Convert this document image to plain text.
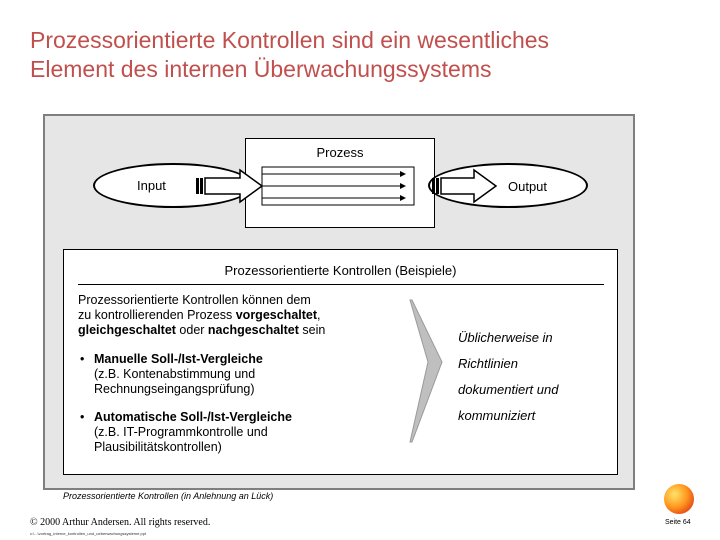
Prozessorientierte Kontrollen sind ein wesentliches
Element des internen Überwachungssystems
Prozess
Input	Output
Prozessorientierte Kontrollen (Beispiele)
Prozessorientierte Kontrollen können dem
zu kontrollierenden Prozess vorgeschaltet,
gleichgeschaltet oder nachgeschaltet sein
• Manuelle Soll-/Ist-Vergleiche
(z.B. Kontenabstimmung und
Rechnungseingangsprüfung)
• Automatische Soll-/Ist-Vergleiche
(z.B. IT-Programmkontrolle und
Plausibilitätskontrollen)
Üblicherweise in
Richtlinien
dokumentiert und
kommuniziert
Prozessorientierte Kontrollen (in Anlehnung an Lück)
© 2000 Arthur Andersen. All rights reserved.
c:\...\vortrag_interne_kontrollen_und_ueberwachungssysteme.ppt
Seite 64
